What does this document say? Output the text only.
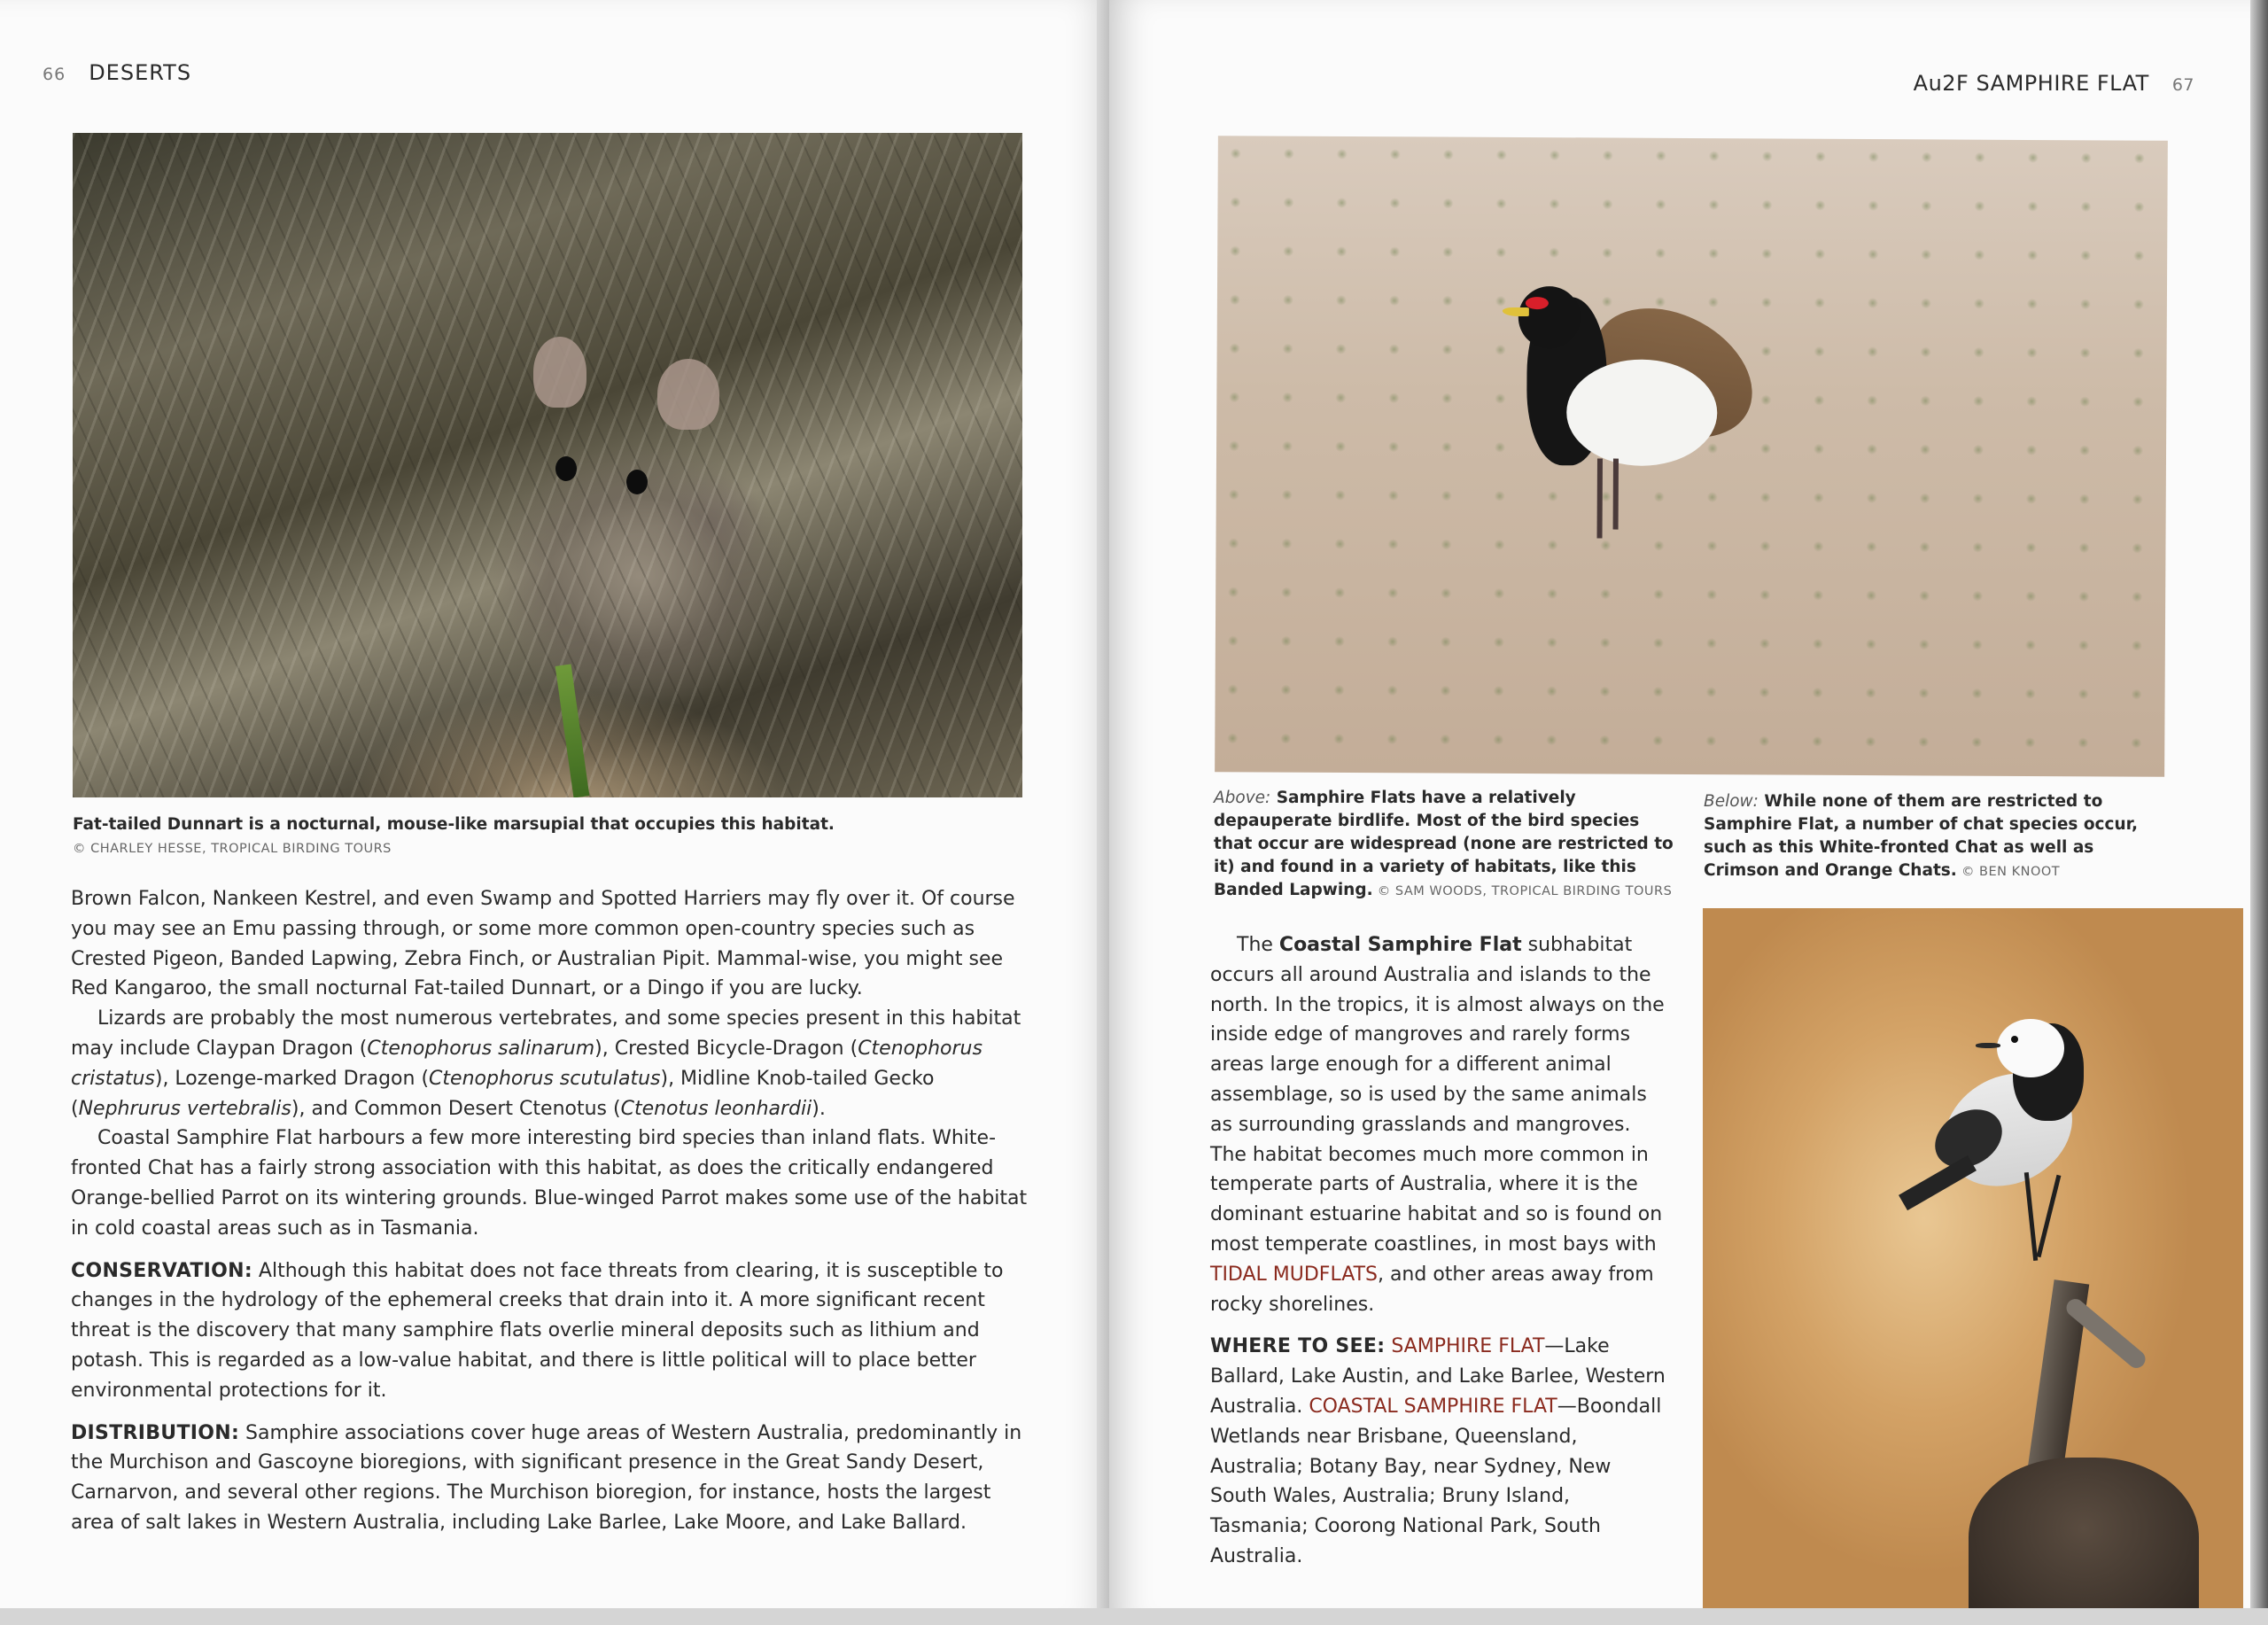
66 DESERTS
Fat-tailed Dunnart is a nocturnal, mouse-like marsupial that occupies this habitat.
© CHARLEY HESSE, TROPICAL BIRDING TOURS

Brown Falcon, Nankeen Kestrel, and even Swamp and Spotted Harriers may fly over it. Of course you may see an Emu passing through, or some more common open-country species such as Crested Pigeon, Banded Lapwing, Zebra Finch, or Australian Pipit. Mammal-wise, you might see Red Kangaroo, the small nocturnal Fat-tailed Dunnart, or a Dingo if you are lucky.

Lizards are probably the most numerous vertebrates, and some species present in this habitat may include Claypan Dragon (Ctenophorus salinarum), Crested Bicycle-Dragon (Ctenophorus cristatus), Lozenge-marked Dragon (Ctenophorus scutulatus), Midline Knob-tailed Gecko (Nephrurus vertebralis), and Common Desert Ctenotus (Ctenotus leonhardii).

Coastal Samphire Flat harbours a few more interesting bird species than inland flats. White-fronted Chat has a fairly strong association with this habitat, as does the critically endangered Orange-bellied Parrot on its wintering grounds. Blue-winged Parrot makes some use of the habitat in cold coastal areas such as in Tasmania.

CONSERVATION: Although this habitat does not face threats from clearing, it is susceptible to changes in the hydrology of the ephemeral creeks that drain into it. A more significant recent threat is the discovery that many samphire flats overlie mineral deposits such as lithium and potash. This is regarded as a low-value habitat, and there is little political will to place better environmental protections for it.

DISTRIBUTION: Samphire associations cover huge areas of Western Australia, predominantly in the Murchison and Gascoyne bioregions, with significant presence in the Great Sandy Desert, Carnarvon, and several other regions. The Murchison bioregion, for instance, hosts the largest area of salt lakes in Western Australia, including Lake Barlee, Lake Moore, and Lake Ballard.

Au2F SAMPHIRE FLAT 67
Above: Samphire Flats have a relatively depauperate birdlife. Most of the bird species that occur are widespread (none are restricted to it) and found in a variety of habitats, like this Banded Lapwing. © SAM WOODS, TROPICAL BIRDING TOURS
Below: While none of them are restricted to Samphire Flat, a number of chat species occur, such as this White-fronted Chat as well as Crimson and Orange Chats. © BEN KNOOT

The Coastal Samphire Flat subhabitat occurs all around Australia and islands to the north. In the tropics, it is almost always on the inside edge of mangroves and rarely forms areas large enough for a different animal assemblage, so is used by the same animals as surrounding grasslands and mangroves. The habitat becomes much more common in temperate parts of Australia, where it is the dominant estuarine habitat and so is found on most temperate coastlines, in most bays with TIDAL MUDFLATS, and other areas away from rocky shorelines.

WHERE TO SEE: SAMPHIRE FLAT—Lake Ballard, Lake Austin, and Lake Barlee, Western Australia. COASTAL SAMPHIRE FLAT—Boondall Wetlands near Brisbane, Queensland, Australia; Botany Bay, near Sydney, New South Wales, Australia; Bruny Island, Tasmania; Coorong National Park, South Australia.
